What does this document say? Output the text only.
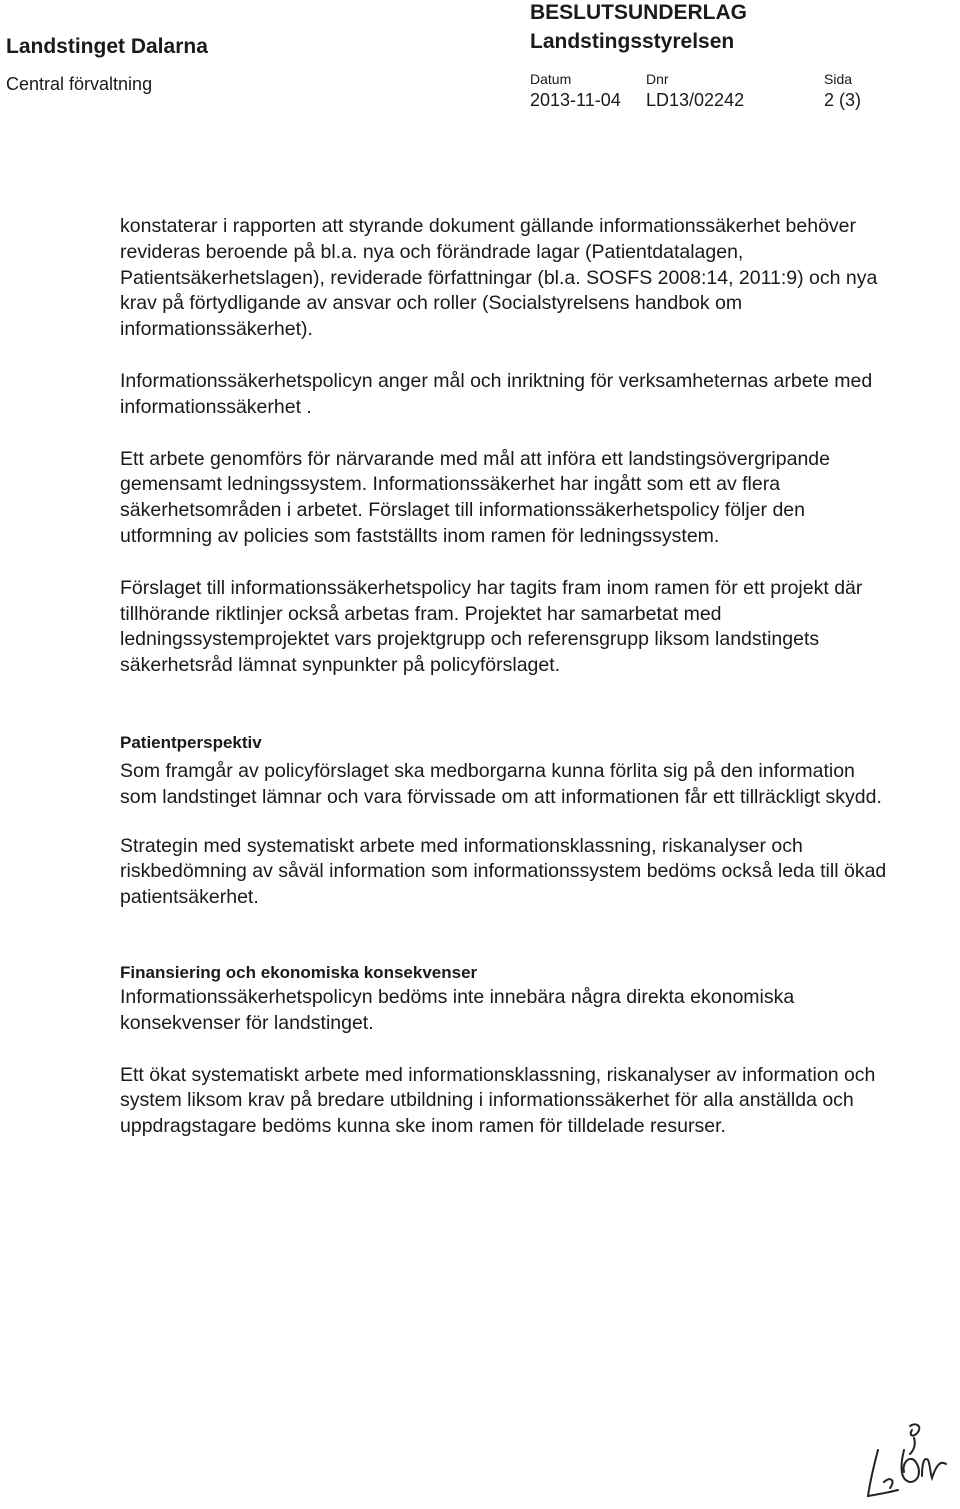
Landstinget Dalarna
Central förvaltning
BESLUTSUNDERLAG
Landstingsstyrelsen
Datum
2013-11-04
Dnr
LD13/02242
Sida
2 (3)

konstaterar i rapporten att styrande dokument gällande informationssäkerhet behöver revideras beroende på bl.a. nya och förändrade lagar (Patientdatalagen, Patientsäkerhetslagen), reviderade författningar (bl.a. SOSFS 2008:14, 2011:9) och nya krav på förtydligande av ansvar och roller (Socialstyrelsens handbok om informationssäkerhet).

Informationssäkerhetspolicyn anger mål och inriktning för verksamheternas arbete med informationssäkerhet .

Ett arbete genomförs för närvarande med mål att införa ett landstingsövergripande gemensamt ledningssystem. Informationssäkerhet har ingått som ett av flera säkerhetsområden i arbetet. Förslaget till informationssäkerhetspolicy följer den utformning av policies som fastställts inom ramen för ledningssystem.

Förslaget till informationssäkerhetspolicy har tagits fram inom ramen för ett projekt där tillhörande riktlinjer också arbetas fram. Projektet har samarbetat med ledningssystemprojektet vars projektgrupp och referensgrupp liksom landstingets säkerhetsråd lämnat synpunkter på policyförslaget.

Patientperspektiv

Som framgår av policyförslaget ska medborgarna kunna förlita sig på den information som landstinget lämnar och vara förvissade om att informationen får ett tillräckligt skydd.

Strategin med systematiskt arbete med informationsklassning, riskanalyser och riskbedömning av såväl information som informationssystem bedöms också leda till ökad patientsäkerhet.

Finansiering och ekonomiska konsekvenser

Informationssäkerhetspolicyn bedöms inte innebära några direkta ekonomiska konsekvenser för landstinget.

Ett ökat systematiskt arbete med informationsklassning, riskanalyser av information och system liksom krav på bredare utbildning i informationssäkerhet för alla anställda och uppdragstagare bedöms kunna ske inom ramen för tilldelade resurser.
